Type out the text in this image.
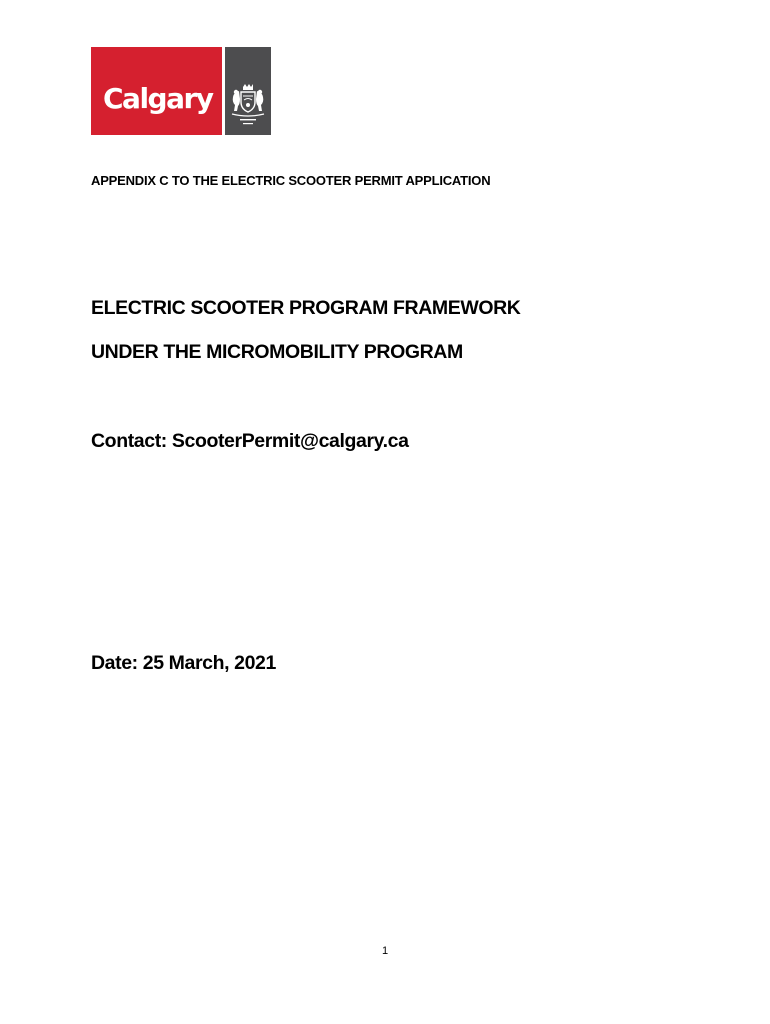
Calgary
APPENDIX C TO THE ELECTRIC SCOOTER PERMIT APPLICATION
ELECTRIC SCOOTER PROGRAM FRAMEWORK
UNDER THE MICROMOBILITY PROGRAM
Contact: ScooterPermit@calgary.ca
Date: 25 March, 2021
1
